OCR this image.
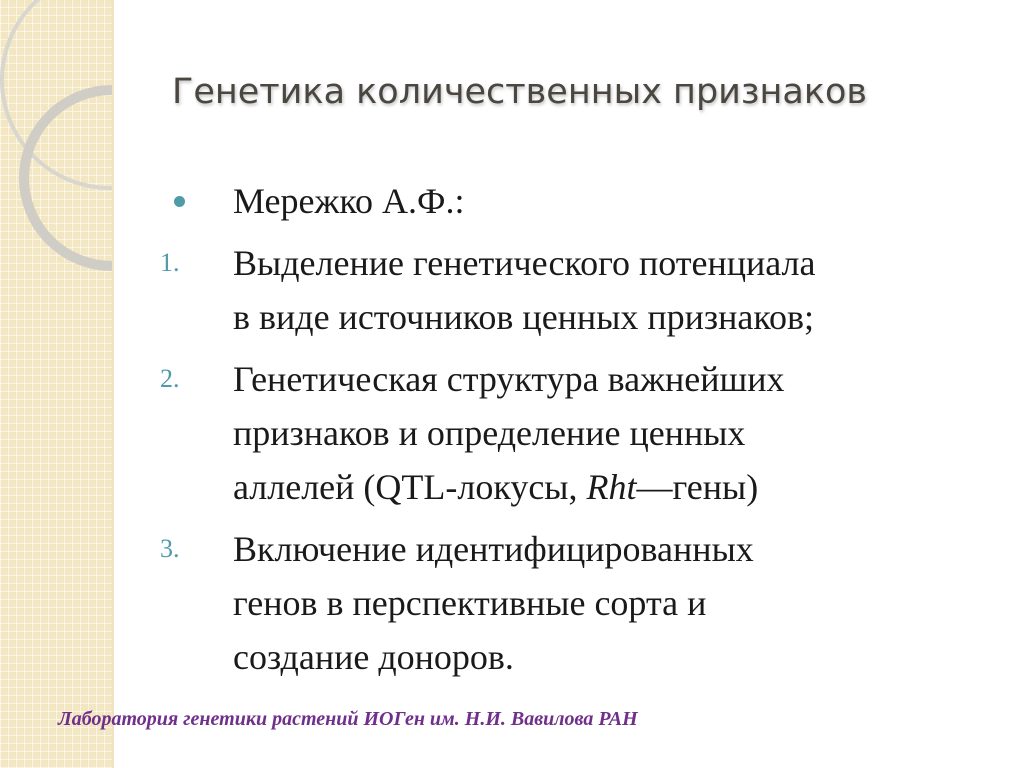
Генетика количественных признаков
Мережко А.Ф.:
1.	Выделение генетического потенциала
в виде источников ценных признаков;
2.	Генетическая структура важнейших
признаков и определение ценных
аллелей (QTL-локусы, Rht—гены)
3.	Включение идентифицированных
генов в перспективные сорта и
создание доноров.
Лаборатория генетики растений ИОГен им. Н.И. Вавилова РАН
